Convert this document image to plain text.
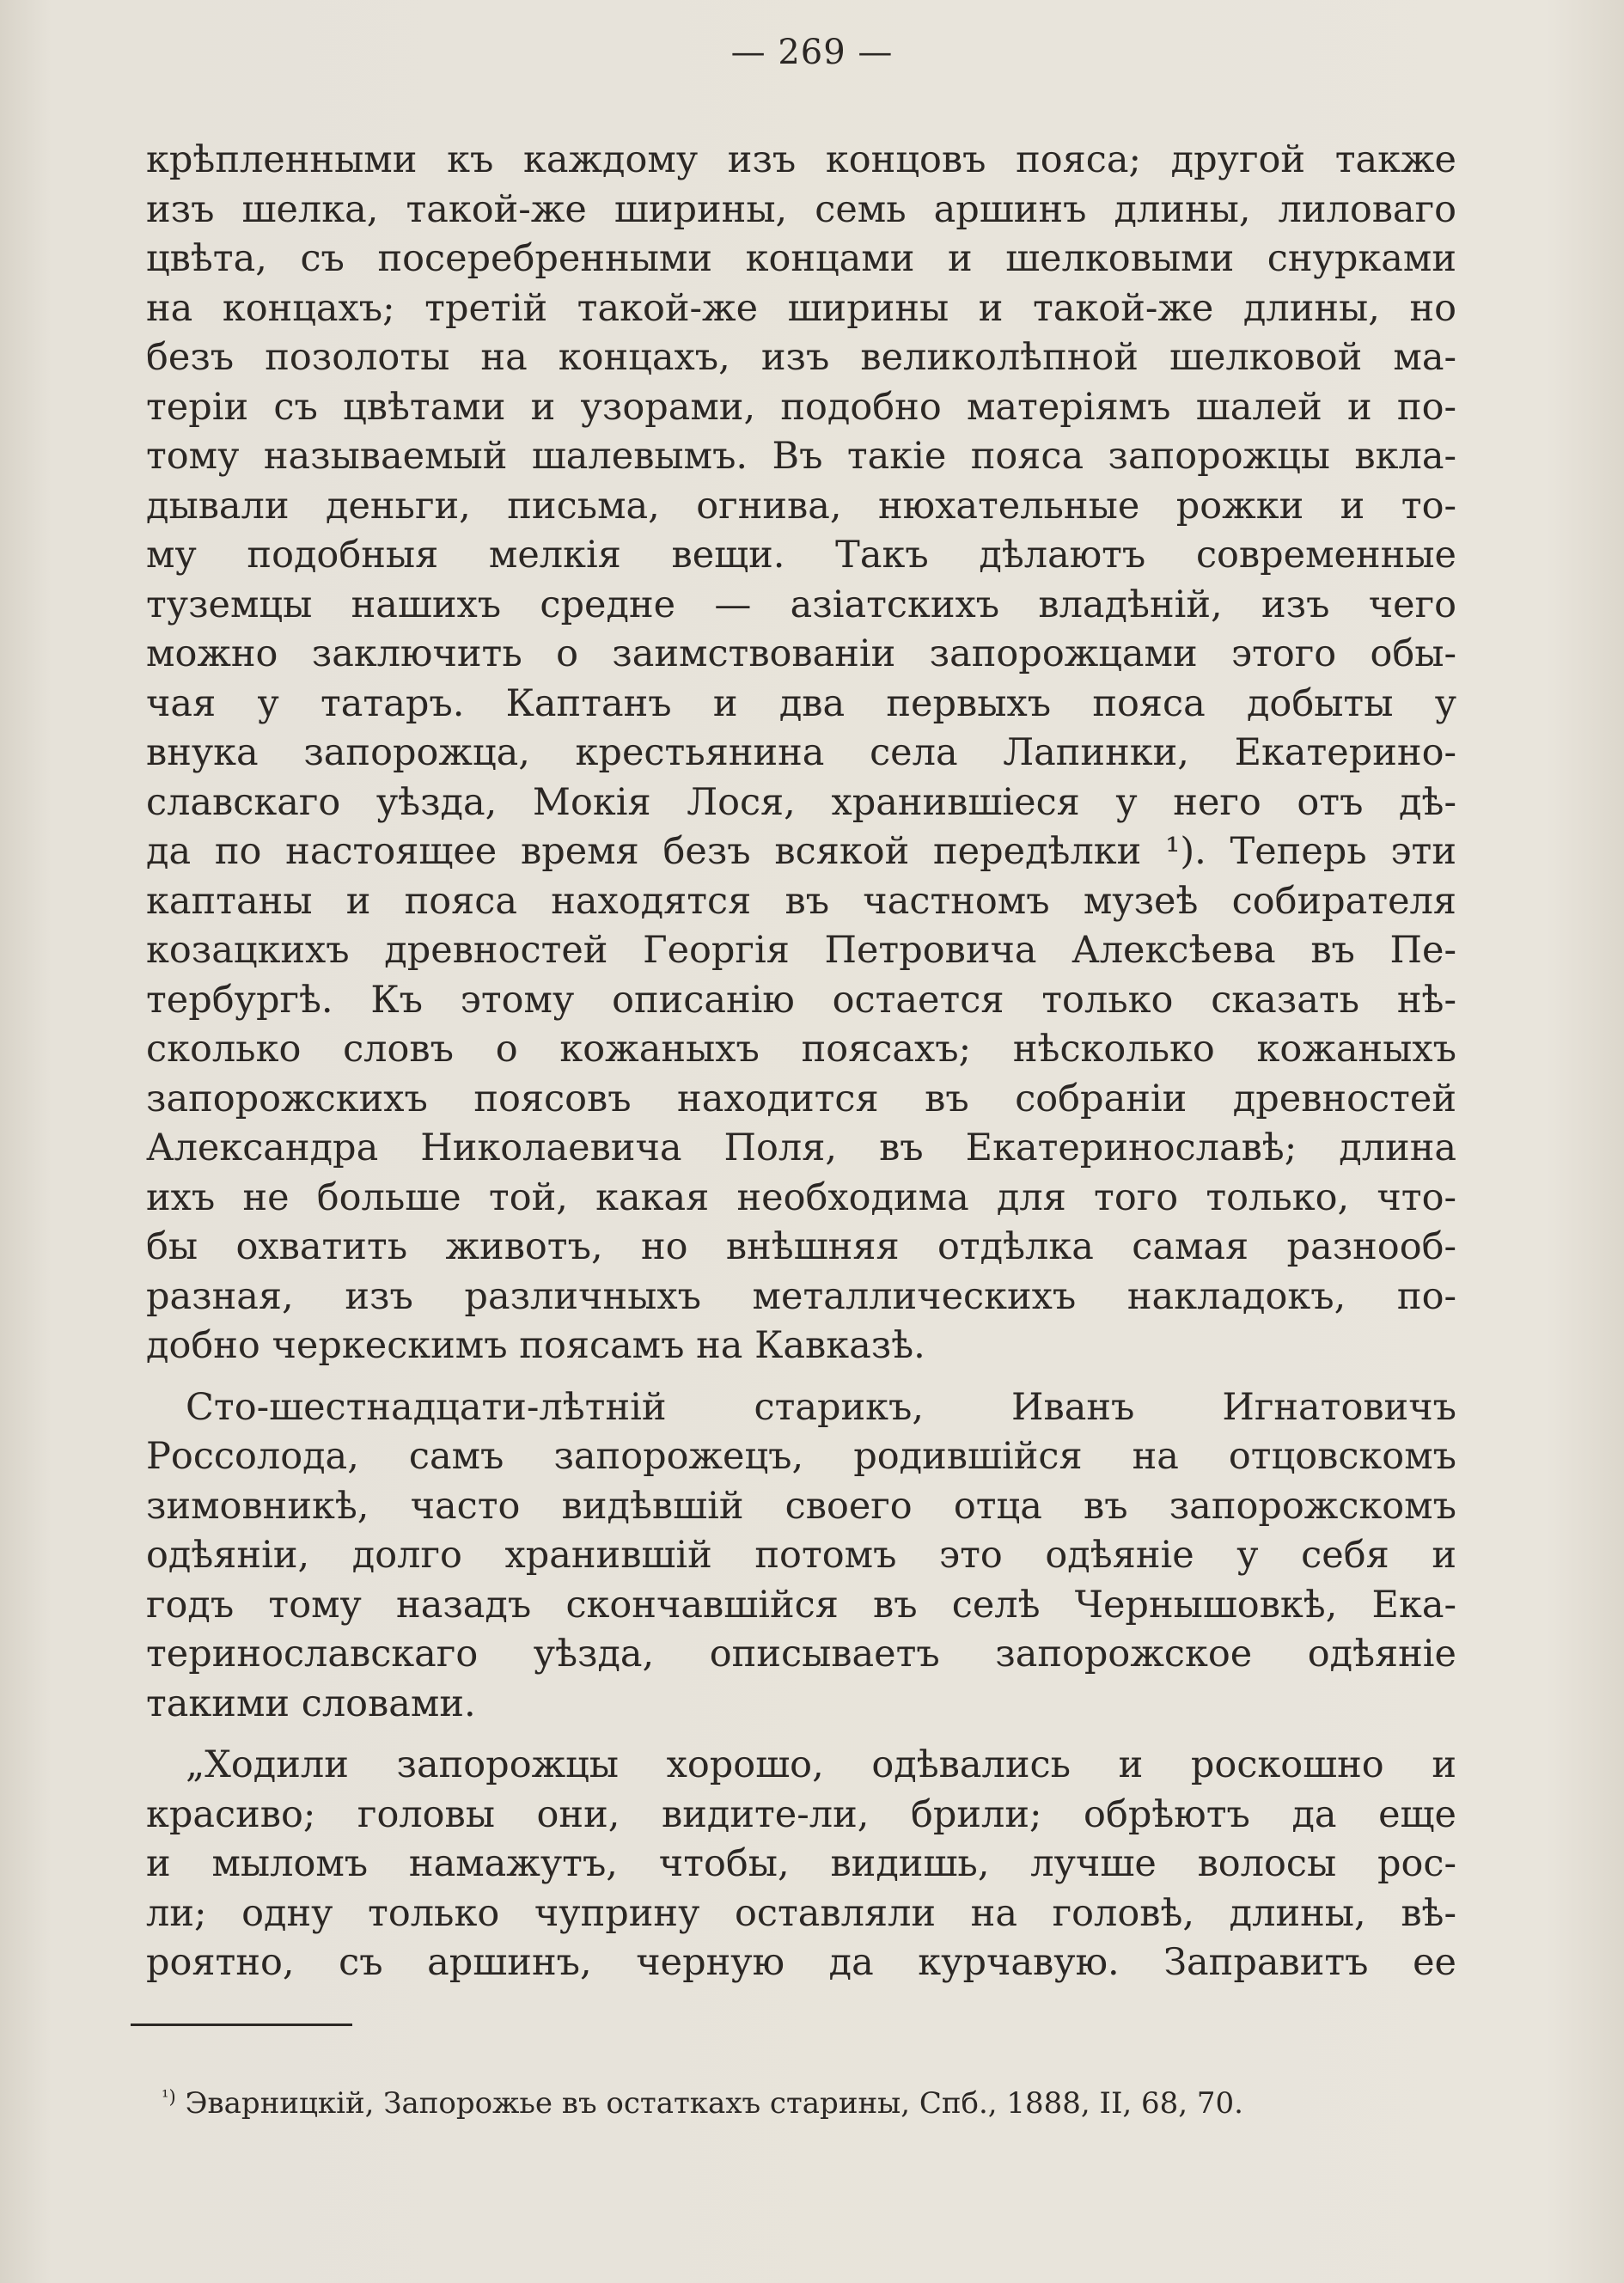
— 269 —
крѣпленными къ каждому изъ концовъ пояса; другой также
изъ шелка, такой-же ширины, семь аршинъ длины, лиловаго
цвѣта, съ посеребренными концами и шелковыми снурками
на концахъ; третій такой-же ширины и такой-же длины, но
безъ позолоты на концахъ, изъ великолѣпной шелковой ма-
теріи съ цвѣтами и узорами, подобно матеріямъ шалей и по-
тому называемый шалевымъ. Въ такіе пояса запорожцы вкла-
дывали деньги, письма, огнива, нюхательные рожки и то-
му подобныя мелкія вещи. Такъ дѣлаютъ современные
туземцы нашихъ средне — азіатскихъ владѣній, изъ чего
можно заключить о заимствованіи запорожцами этого обы-
чая у татаръ. Каптанъ и два первыхъ пояса добыты у
внука запорожца, крестьянина села Лапинки, Екатерино-
славскаго уѣзда, Мокія Лося, хранившіеся у него отъ дѣ-
да по настоящее время безъ всякой передѣлки ¹). Теперь эти
каптаны и пояса находятся въ частномъ музеѣ собирателя
козацкихъ древностей Георгія Петровича Алексѣева въ Пе-
тербургѣ. Къ этому описанію остается только сказать нѣ-
сколько словъ о кожаныхъ поясахъ; нѣсколько кожаныхъ
запорожскихъ поясовъ находится въ собраніи древностей
Александра Николаевича Поля, въ Екатеринославѣ; длина
ихъ не больше той, какая необходима для того только, что-
бы охватить животъ, но внѣшняя отдѣлка самая разнооб-
разная, изъ различныхъ металлическихъ накладокъ, по-
добно черкескимъ поясамъ на Кавказѣ.
Сто-шестнадцати-лѣтній старикъ, Иванъ Игнатовичъ
Россолода, самъ запорожецъ, родившійся на отцовскомъ
зимовникѣ, часто видѣвшій своего отца въ запорожскомъ
одѣяніи, долго хранившій потомъ это одѣяніе у себя и
годъ тому назадъ скончавшійся въ селѣ Чернышовкѣ, Ека-
теринославскаго уѣзда, описываетъ запорожское одѣяніе
такими словами.
„Ходили запорожцы хорошо, одѣвались и роскошно и
красиво; головы они, видите-ли, брили; обрѣютъ да еще
и мыломъ намажутъ, чтобы, видишь, лучше волосы рос-
ли; одну только чуприну оставляли на головѣ, длины, вѣ-
роятно, съ аршинъ, черную да курчавую. Заправитъ ее
$^{^1)}$ Эварницкій, Запорожье въ остаткахъ старины, Спб., 1888, II, 68, 70.
